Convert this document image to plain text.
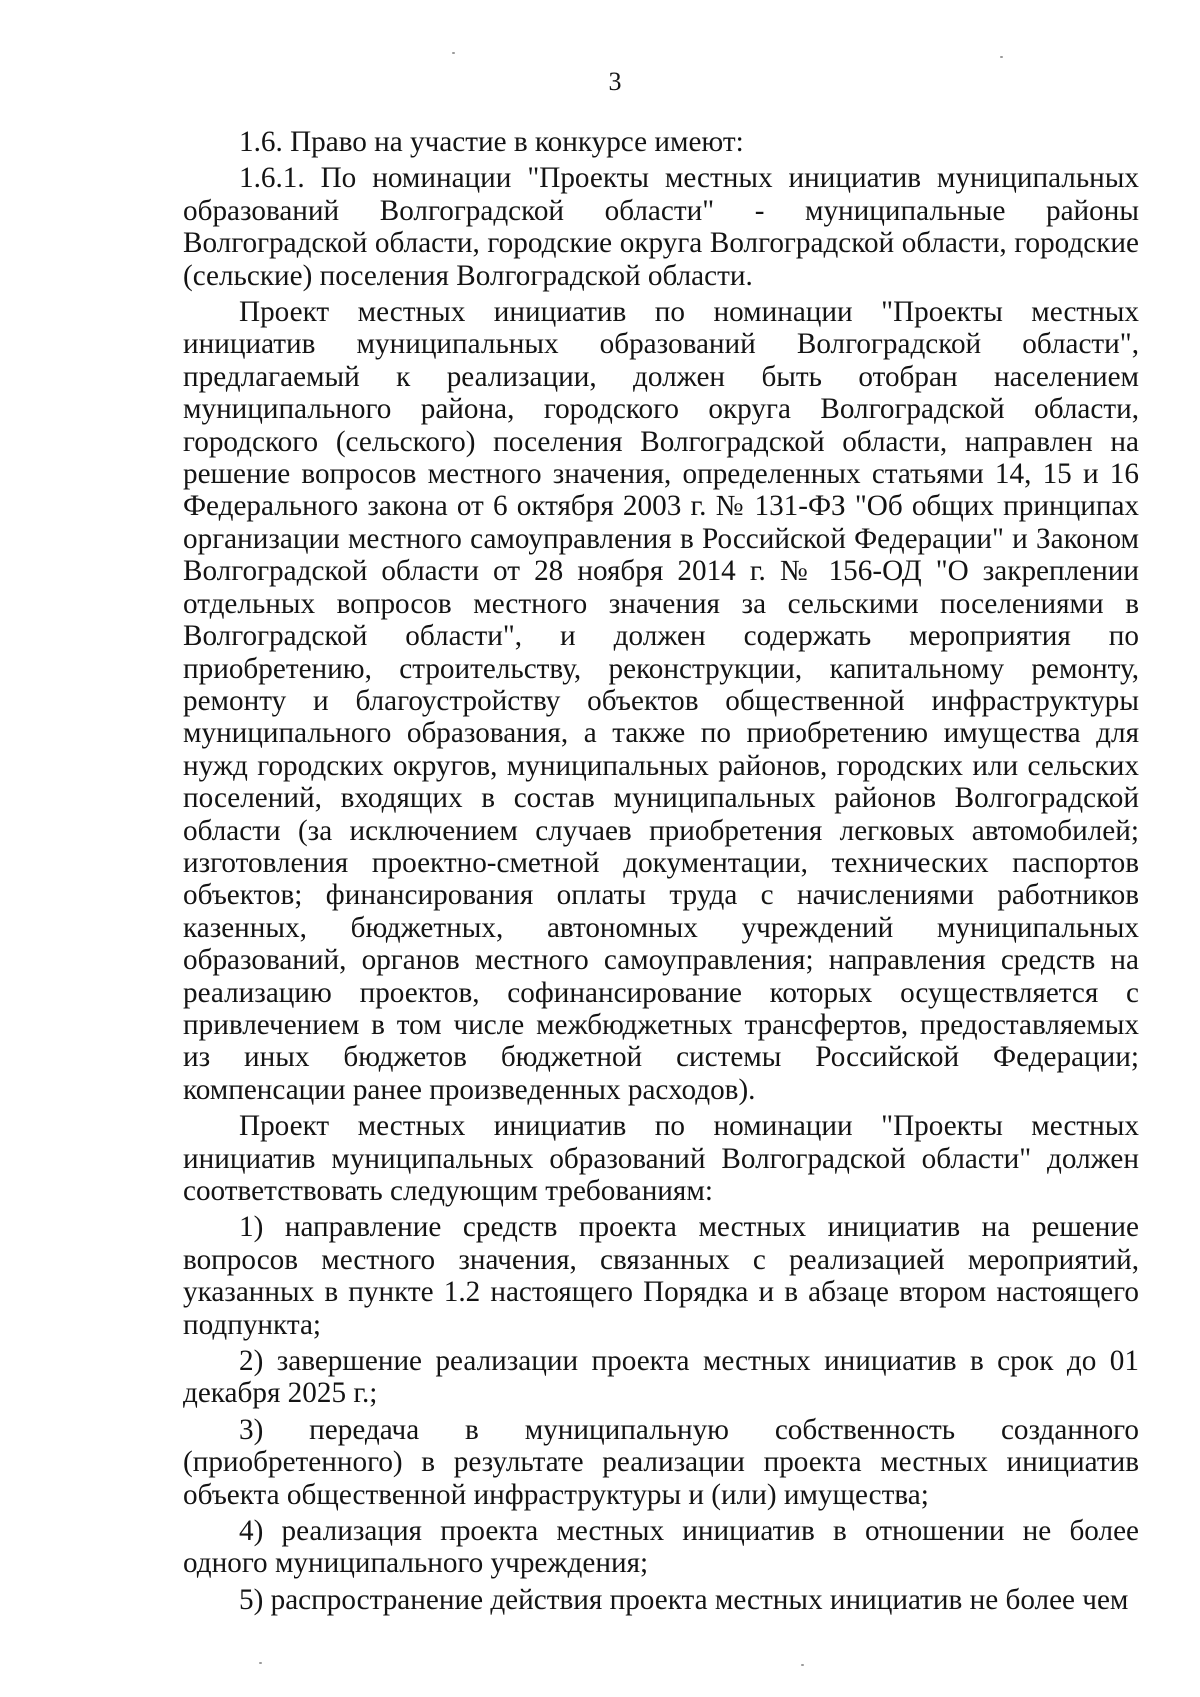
3

1.6. Право на участие в конкурсе имеют:

1.6.1. По номинации "Проекты местных инициатив муниципальных образований Волгоградской области" - муниципальные районы Волгоградской области, городские округа Волгоградской области, городские (сельские) поселения Волгоградской области.

Проект местных инициатив по номинации "Проекты местных инициатив муниципальных образований Волгоградской области", предлагаемый к реализации, должен быть отобран населением муниципального района, городского округа Волгоградской области, городского (сельского) поселения Волгоградской области, направлен на решение вопросов местного значения, определенных статьями 14, 15 и 16 Федерального закона от 6 октября 2003 г. № 131-ФЗ "Об общих принципах организации местного самоуправления в Российской Федерации" и Законом Волгоградской области от 28 ноября 2014 г. № 156-ОД "О закреплении отдельных вопросов местного значения за сельскими поселениями в Волгоградской области", и должен содержать мероприятия по приобретению, строительству, реконструкции, капитальному ремонту, ремонту и благоустройству объектов общественной инфраструктуры муниципального образования, а также по приобретению имущества для нужд городских округов, муниципальных районов, городских или сельских поселений, входящих в состав муниципальных районов Волгоградской области (за исключением случаев приобретения легковых автомобилей; изготовления проектно-сметной документации, технических паспортов объектов; финансирования оплаты труда с начислениями работников казенных, бюджетных, автономных учреждений муниципальных образований, органов местного самоуправления; направления средств на реализацию проектов, софинансирование которых осуществляется с привлечением в том числе межбюджетных трансфертов, предоставляемых из иных бюджетов бюджетной системы Российской Федерации; компенсации ранее произведенных расходов).

Проект местных инициатив по номинации "Проекты местных инициатив муниципальных образований Волгоградской области" должен соответствовать следующим требованиям:

1) направление средств проекта местных инициатив на решение вопросов местного значения, связанных с реализацией мероприятий, указанных в пункте 1.2 настоящего Порядка и в абзаце втором настоящего подпункта;

2) завершение реализации проекта местных инициатив в срок до 01 декабря 2025 г.;

3) передача в муниципальную собственность созданного (приобретенного) в результате реализации проекта местных инициатив объекта общественной инфраструктуры и (или) имущества;

4) реализация проекта местных инициатив в отношении не более одного муниципального учреждения;

5) распространение действия проекта местных инициатив не более чем
